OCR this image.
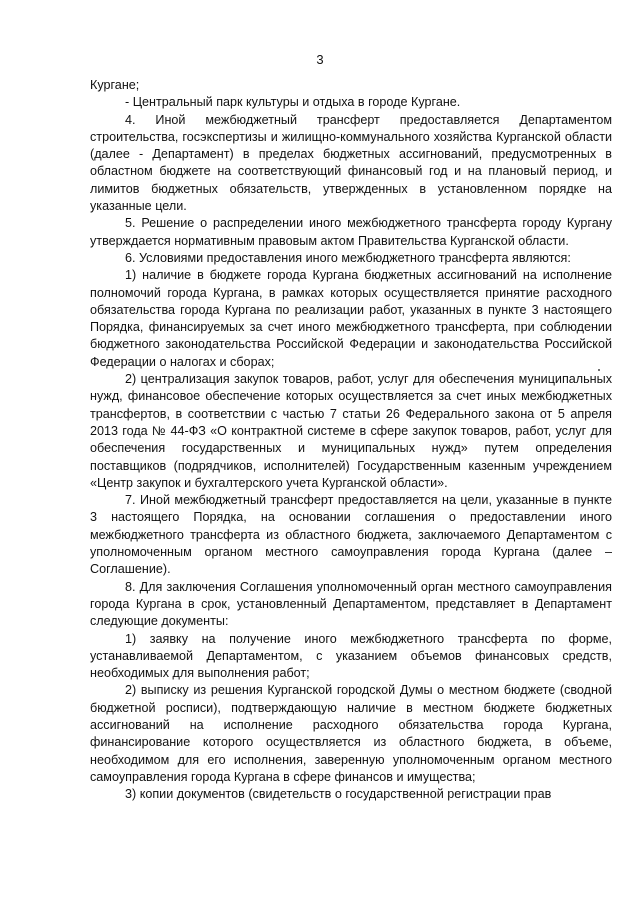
3

Кургане;

- Центральный парк культуры и отдыха в городе Кургане.

4. Иной межбюджетный трансферт предоставляется Департаментом строительства, госэкспертизы и жилищно-коммунального хозяйства Курганской области (далее - Департамент) в пределах бюджетных ассигнований, предусмотренных в областном бюджете на соответствующий финансовый год и на плановый период, и лимитов бюджетных обязательств, утвержденных в установленном порядке на указанные цели.

5. Решение о распределении иного межбюджетного трансферта городу Кургану утверждается нормативным правовым актом Правительства Курганской области.

6. Условиями предоставления иного межбюджетного трансферта являются:

1) наличие в бюджете города Кургана бюджетных ассигнований на исполнение полномочий города Кургана, в рамках которых осуществляется принятие расходного обязательства города Кургана по реализации работ, указанных в пункте 3 настоящего Порядка, финансируемых за счет иного межбюджетного трансферта, при соблюдении бюджетного законодательства Российской Федерации и законодательства Российской Федерации о налогах и сборах;

2) централизация закупок товаров, работ, услуг для обеспечения муниципальных нужд, финансовое обеспечение которых осуществляется за счет иных межбюджетных трансфертов, в соответствии с частью 7 статьи 26 Федерального закона от 5 апреля 2013 года № 44-ФЗ «О контрактной системе в сфере закупок товаров, работ, услуг для обеспечения государственных и муниципальных нужд» путем определения поставщиков (подрядчиков, исполнителей) Государственным казенным учреждением «Центр закупок и бухгалтерского учета Курганской области».

7. Иной межбюджетный трансферт предоставляется на цели, указанные в пункте 3 настоящего Порядка, на основании соглашения о предоставлении иного межбюджетного трансферта из областного бюджета, заключаемого Департаментом с уполномоченным органом местного самоуправления города Кургана (далее – Соглашение).

8. Для заключения Соглашения уполномоченный орган местного самоуправления города Кургана в срок, установленный Департаментом, представляет в Департамент следующие документы:

1) заявку на получение иного межбюджетного трансферта по форме, устанавливаемой Департаментом, с указанием объемов финансовых средств, необходимых для выполнения работ;

2) выписку из решения Курганской городской Думы о местном бюджете (сводной бюджетной росписи), подтверждающую наличие в местном бюджете бюджетных ассигнований на исполнение расходного обязательства города Кургана, финансирование которого осуществляется из областного бюджета, в объеме, необходимом для его исполнения, заверенную уполномоченным органом местного самоуправления города Кургана в сфере финансов и имущества;

3) копии документов (свидетельств о государственной регистрации прав
